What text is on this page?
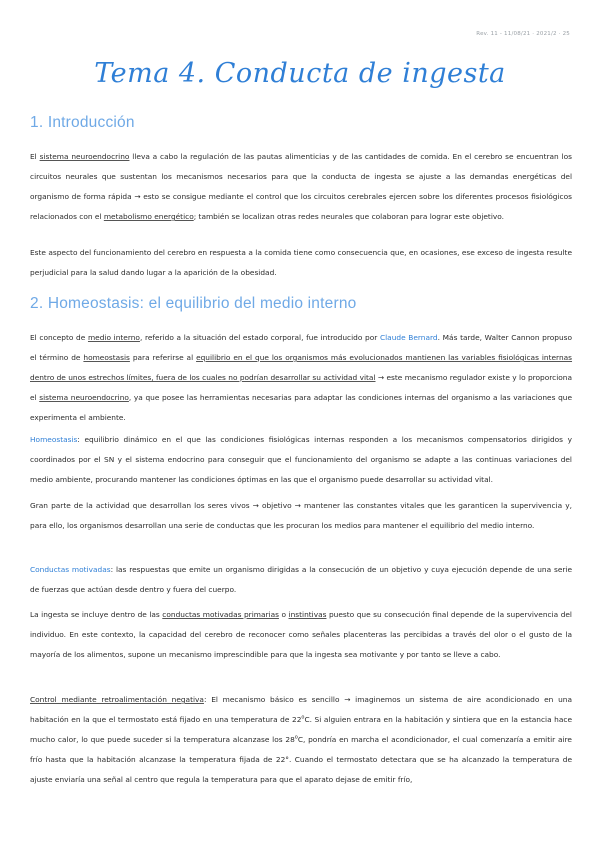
Rev. 11 - 11/08/21 · 2021/2 · 25
Tema 4. Conducta de ingesta
1. Introducción
El sistema neuroendocrino lleva a cabo la regulación de las pautas alimenticias y de las cantidades de comida. En el cerebro se encuentran los circuitos neurales que sustentan los mecanismos necesarios para que la conducta de ingesta se ajuste a las demandas energéticas del organismo de forma rápida → esto se consigue mediante el control que los circuitos cerebrales ejercen sobre los diferentes procesos fisiológicos relacionados con el metabolismo energético; también se localizan otras redes neurales que colaboran para lograr este objetivo.
Este aspecto del funcionamiento del cerebro en respuesta a la comida tiene como consecuencia que, en ocasiones, ese exceso de ingesta resulte perjudicial para la salud dando lugar a la aparición de la obesidad.
2. Homeostasis: el equilibrio del medio interno
El concepto de medio interno, referido a la situación del estado corporal, fue introducido por Claude Bernard. Más tarde, Walter Cannon propuso el término de homeostasis para referirse al equilibrio en el que los organismos más evolucionados mantienen las variables fisiológicas internas dentro de unos estrechos límites, fuera de los cuales no podrían desarrollar su actividad vital → este mecanismo regulador existe y lo proporciona el sistema neuroendocrino, ya que posee las herramientas necesarias para adaptar las condiciones internas del organismo a las variaciones que experimenta el ambiente.
Homeostasis: equilibrio dinámico en el que las condiciones fisiológicas internas responden a los mecanismos compensatorios dirigidos y coordinados por el SN y el sistema endocrino para conseguir que el funcionamiento del organismo se adapte a las continuas variaciones del medio ambiente, procurando mantener las condiciones óptimas en las que el organismo puede desarrollar su actividad vital.
Gran parte de la actividad que desarrollan los seres vivos → objetivo → mantener las constantes vitales que les garanticen la supervivencia y, para ello, los organismos desarrollan una serie de conductas que les procuran los medios para mantener el equilibrio del medio interno.
Conductas motivadas: las respuestas que emite un organismo dirigidas a la consecución de un objetivo y cuya ejecución depende de una serie de fuerzas que actúan desde dentro y fuera del cuerpo.
La ingesta se incluye dentro de las conductas motivadas primarias o instintivas puesto que su consecución final depende de la supervivencia del individuo. En este contexto, la capacidad del cerebro de reconocer como señales placenteras las percibidas a través del olor o el gusto de la mayoría de los alimentos, supone un mecanismo imprescindible para que la ingesta sea motivante y por tanto se lleve a cabo.
Control mediante retroalimentación negativa: El mecanismo básico es sencillo → imaginemos un sistema de aire acondicionado en una habitación en la que el termostato está fijado en una temperatura de 22$^o$C. Si alguien entrara en la habitación y sintiera que en la estancia hace mucho calor, lo que puede suceder si la temperatura alcanzase los 28$^o$C, pondría en marcha el acondicionador, el cual comenzaría a emitir aire frío hasta que la habitación alcanzase la temperatura fijada de 22°. Cuando el termostato detectara que se ha alcanzado la temperatura de ajuste enviaría una señal al centro que regula la temperatura para que el aparato dejase de emitir frío,
